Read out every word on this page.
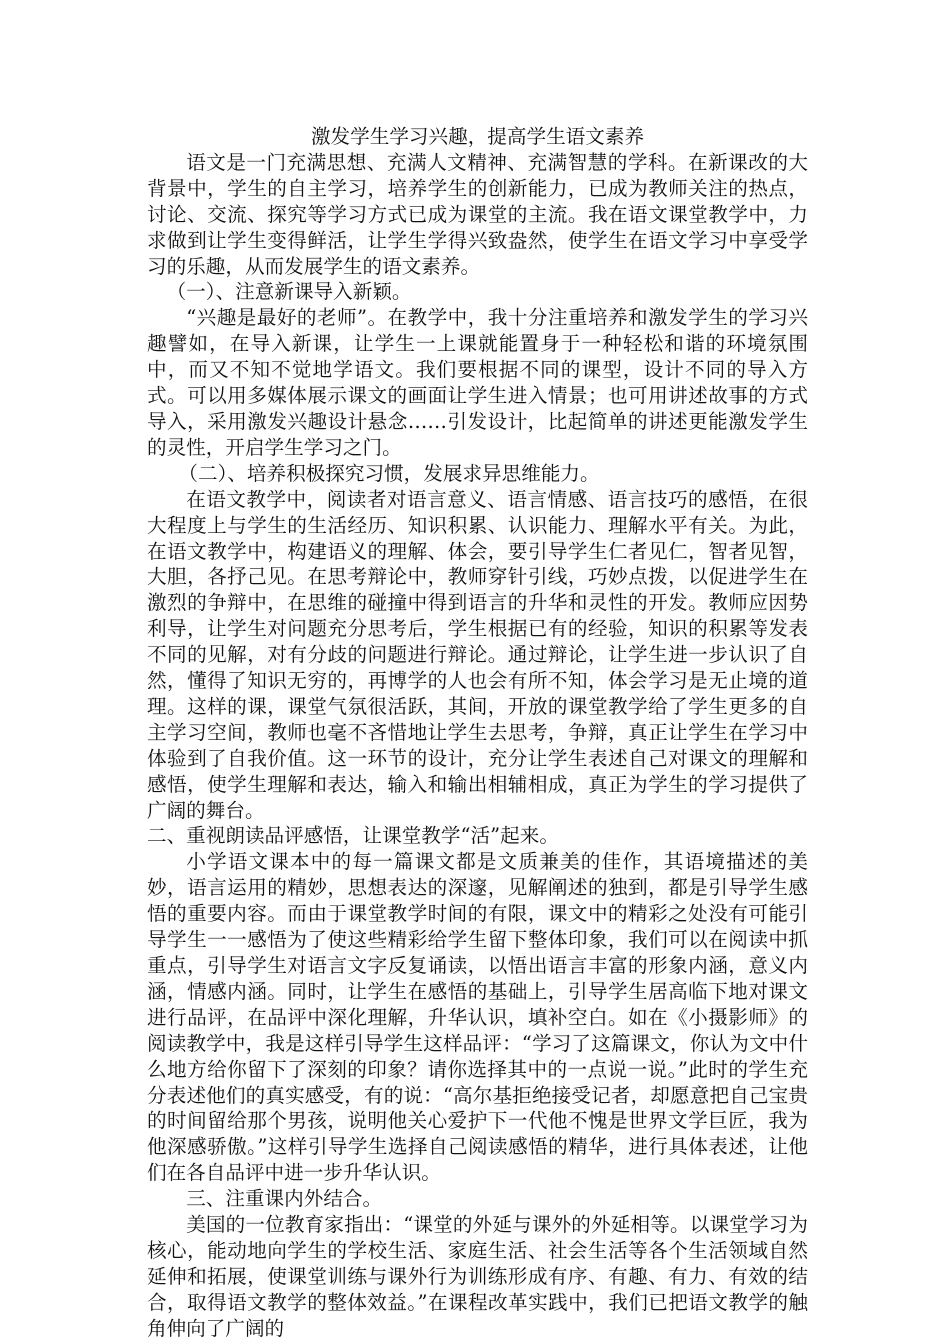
激发学生学习兴趣，提高学生语文素养

语文是一门充满思想、充满人文精神、充满智慧的学科。在新课改的大背景中，学生的自主学习，培养学生的创新能力，已成为教师关注的热点，讨论、交流、探究等学习方式已成为课堂的主流。我在语文课堂教学中，力求做到让学生变得鲜活，让学生学得兴致盎然，使学生在语文学习中享受学习的乐趣，从而发展学生的语文素养。

（一）、注意新课导入新颖。

“兴趣是最好的老师”。在教学中，我十分注重培养和激发学生的学习兴趣譬如，在导入新课，让学生一上课就能置身于一种轻松和谐的环境氛围中，而又不知不觉地学语文。我们要根据不同的课型，设计不同的导入方式。可以用多媒体展示课文的画面让学生进入情景；也可用讲述故事的方式导入，采用激发兴趣设计悬念……引发设计，比起简单的讲述更能激发学生的灵性，开启学生学习之门。

（二）、培养积极探究习惯，发展求异思维能力。

在语文教学中，阅读者对语言意义、语言情感、语言技巧的感悟，在很大程度上与学生的生活经历、知识积累、认识能力、理解水平有关。为此，在语文教学中，构建语义的理解、体会，要引导学生仁者见仁，智者见智，大胆，各抒己见。在思考辩论中，教师穿针引线，巧妙点拨，以促进学生在激烈的争辩中，在思维的碰撞中得到语言的升华和灵性的开发。教师应因势利导，让学生对问题充分思考后，学生根据已有的经验，知识的积累等发表不同的见解，对有分歧的问题进行辩论。通过辩论，让学生进一步认识了自然，懂得了知识无穷的，再博学的人也会有所不知，体会学习是无止境的道理。这样的课，课堂气氛很活跃，其间，开放的课堂教学给了学生更多的自主学习空间，教师也毫不吝惜地让学生去思考，争辩，真正让学生在学习中体验到了自我价值。这一环节的设计，充分让学生表述自己对课文的理解和感悟，使学生理解和表达，输入和输出相辅相成，真正为学生的学习提供了广阔的舞台。

二、重视朗读品评感悟，让课堂教学“活”起来。

小学语文课本中的每一篇课文都是文质兼美的佳作，其语境描述的美妙，语言运用的精妙，思想表达的深邃，见解阐述的独到，都是引导学生感悟的重要内容。而由于课堂教学时间的有限，课文中的精彩之处没有可能引导学生一一感悟为了使这些精彩给学生留下整体印象，我们可以在阅读中抓重点，引导学生对语言文字反复诵读，以悟出语言丰富的形象内涵，意义内涵，情感内涵。同时，让学生在感悟的基础上，引导学生居高临下地对课文进行品评，在品评中深化理解，升华认识，填补空白。如在《小摄影师》的阅读教学中，我是这样引导学生这样品评：“学习了这篇课文，你认为文中什么地方给你留下了深刻的印象？请你选择其中的一点说一说。”此时的学生充分表述他们的真实感受，有的说：“高尔基拒绝接受记者，却愿意把自己宝贵的时间留给那个男孩，说明他关心爱护下一代他不愧是世界文学巨匠，我为他深感骄傲。”这样引导学生选择自己阅读感悟的精华，进行具体表述，让他们在各自品评中进一步升华认识。

三、注重课内外结合。

美国的一位教育家指出：“课堂的外延与课外的外延相等。以课堂学习为核心，能动地向学生的学校生活、家庭生活、社会生活等各个生活领域自然延伸和拓展，使课堂训练与课外行为训练形成有序、有趣、有力、有效的结合，取得语文教学的整体效益。”在课程改革实践中，我们已把语文教学的触角伸向了广阔的
